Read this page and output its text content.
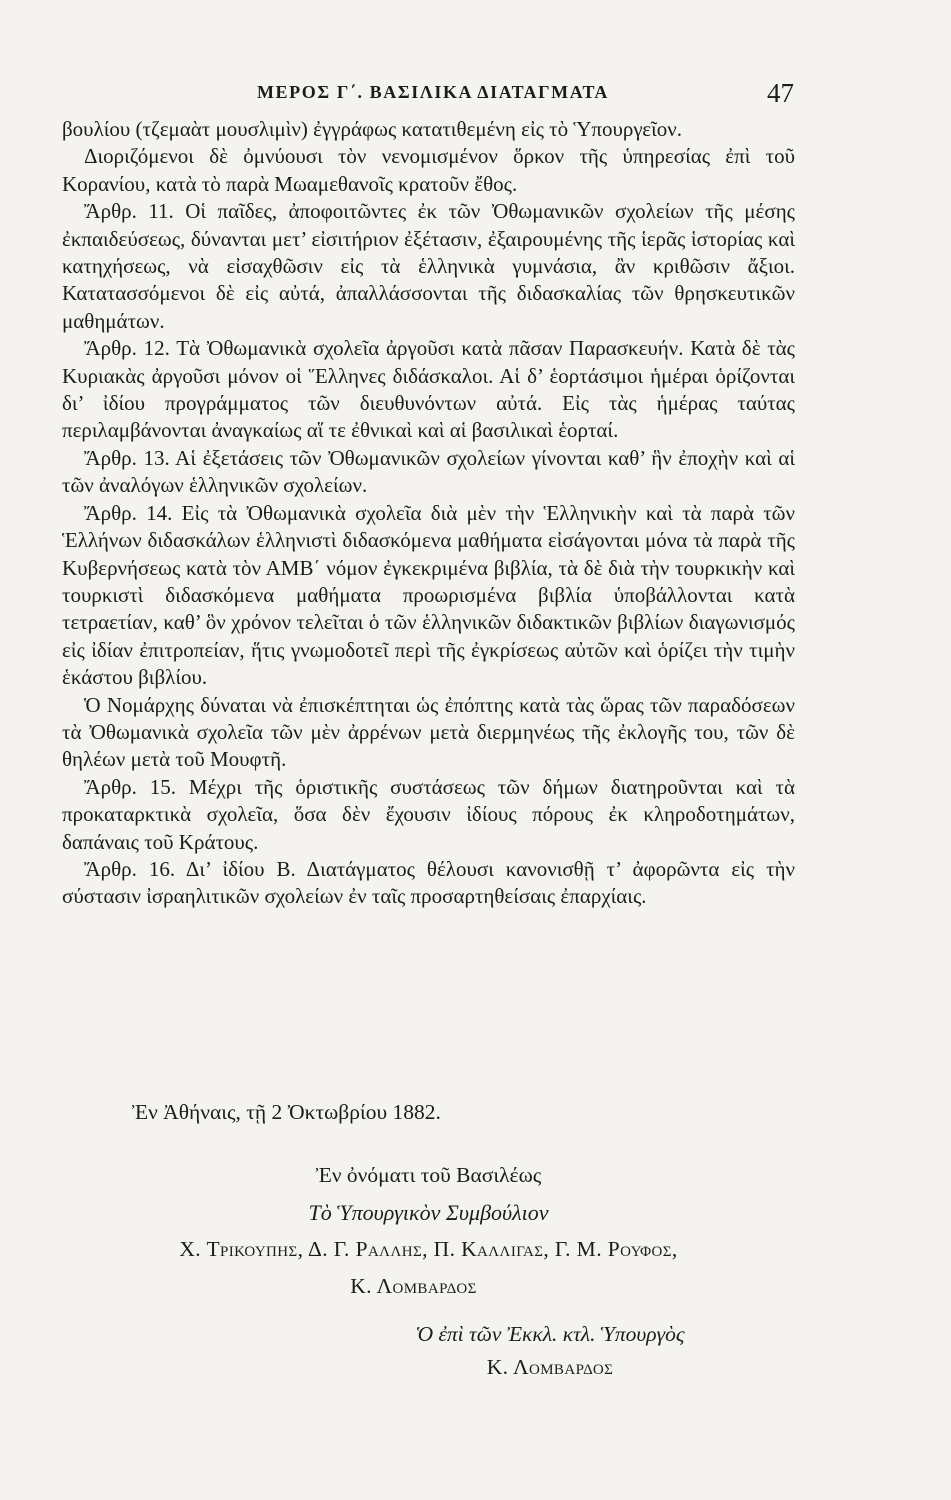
ΜΕΡΟΣ Γ΄. ΒΑΣΙΛΙΚΑ ΔΙΑΤΑΓΜΑΤΑ	47

βουλίου (τζεμαὰτ μουσλιμὶν) ἐγγράφως κατατιθεμένη εἰς τὸ Ὑπουργεῖον.

Διοριζόμενοι δὲ ὀμνύουσι τὸν νενομισμένον ὅρκον τῆς ὑπηρεσίας ἐπὶ τοῦ Κορανίου, κατὰ τὸ παρὰ Μωαμεθανοῖς κρατοῦν ἔθος.

Ἄρθρ. 11. Οἱ παῖδες, ἀποφοιτῶντες ἐκ τῶν Ὀθωμανικῶν σχολείων τῆς μέσης ἐκπαιδεύσεως, δύνανται μετ’ εἰσιτήριον ἐξέτασιν, ἐξαιρουμένης τῆς ἱερᾶς ἱστορίας καὶ κατηχήσεως, νὰ εἰσαχθῶσιν εἰς τὰ ἑλληνικὰ γυμνάσια, ἂν κριθῶσιν ἄξιοι. Κατατασσόμενοι δὲ εἰς αὐτά, ἀπαλλάσσονται τῆς διδασκαλίας τῶν θρησκευτικῶν μαθημάτων.

Ἄρθρ. 12. Τὰ Ὀθωμανικὰ σχολεῖα ἀργοῦσι κατὰ πᾶσαν Παρασκευήν. Κατὰ δὲ τὰς Κυριακὰς ἀργοῦσι μόνον οἱ Ἕλληνες διδάσκαλοι. Αἱ δ’ ἑορτάσιμοι ἡμέραι ὁρίζονται δι’ ἰδίου προγράμματος τῶν διευθυνόντων αὐτά. Εἰς τὰς ἡμέρας ταύτας περιλαμβάνονται ἀναγκαίως αἵ τε ἐθνικαὶ καὶ αἱ βασιλικαὶ ἑορταί.

Ἄρθρ. 13. Αἱ ἐξετάσεις τῶν Ὀθωμανικῶν σχολείων γίνονται καθ’ ἣν ἐποχὴν καὶ αἱ τῶν ἀναλόγων ἑλληνικῶν σχολείων.

Ἄρθρ. 14. Εἰς τὰ Ὀθωμανικὰ σχολεῖα διὰ μὲν τὴν Ἑλληνικὴν καὶ τὰ παρὰ τῶν Ἑλλήνων διδασκάλων ἑλληνιστὶ διδασκόμενα μαθήματα εἰσάγονται μόνα τὰ παρὰ τῆς Κυβερνήσεως κατὰ τὸν ΑΜΒ΄ νόμον ἐγκεκριμένα βιβλία, τὰ δὲ διὰ τὴν τουρκικὴν καὶ τουρκιστὶ διδασκόμενα μαθήματα προωρισμένα βιβλία ὑποβάλλονται κατὰ τετραετίαν, καθ’ ὃν χρόνον τελεῖται ὁ τῶν ἑλληνικῶν διδακτικῶν βιβλίων διαγωνισμός εἰς ἰδίαν ἐπιτροπείαν, ἥτις γνωμοδοτεῖ περὶ τῆς ἐγκρίσεως αὐτῶν καὶ ὁρίζει τὴν τιμὴν ἑκάστου βιβλίου.

Ὁ Νομάρχης δύναται νὰ ἐπισκέπτηται ὡς ἐπόπτης κατὰ τὰς ὥρας τῶν παραδόσεων τὰ Ὀθωμανικὰ σχολεῖα τῶν μὲν ἀρρένων μετὰ διερμηνέως τῆς ἐκλογῆς του, τῶν δὲ θηλέων μετὰ τοῦ Μουφτῆ.

Ἄρθρ. 15. Μέχρι τῆς ὁριστικῆς συστάσεως τῶν δήμων διατηροῦνται καὶ τὰ προκαταρκτικὰ σχολεῖα, ὅσα δὲν ἔχουσιν ἰδίους πόρους ἐκ κληροδοτημάτων, δαπάναις τοῦ Κράτους.

Ἄρθρ. 16. Δι’ ἰδίου Β. Διατάγματος θέλουσι κανονισθῇ τ’ ἀφορῶντα εἰς τὴν σύστασιν ἰσραηλιτικῶν σχολείων ἐν ταῖς προσαρτηθείσαις ἐπαρχίαις.

Ἐν Ἀθήναις, τῇ 2 Ὀκτωβρίου 1882.
Ἐν ὀνόματι τοῦ Βασιλέως
Τὸ Ὑπουργικὸν Συμβούλιον
Χ. Τρικουπης, Δ. Γ. Ραλλης, Π. Καλλιγας, Γ. Μ. Ρουφος,
Κ. Λομβαρδος
Ὁ ἐπὶ τῶν Ἐκκλ. κτλ. Ὑπουργὸς
Κ. Λομβαρδος
